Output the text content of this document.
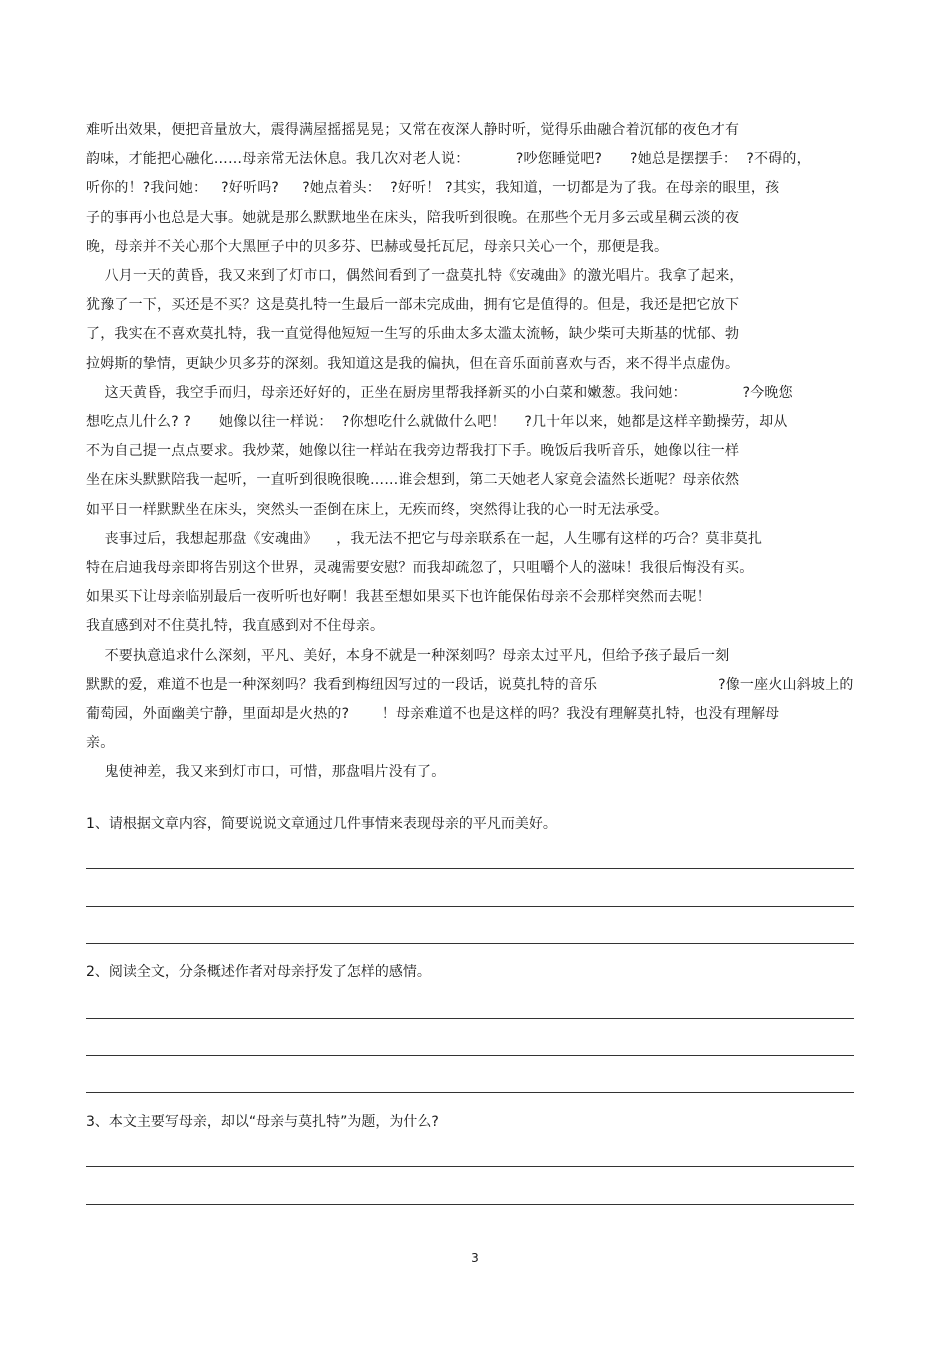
难听出效果，便把音量放大，震得满屋摇摇晃晃；又常在夜深人静时听，觉得乐曲融合着沉郁的夜色才有
韵味，才能把心融化……母亲常无法休息。我几次对老人说：          ?吵您睡觉吧?      ?她总是摆摆手：  ?不碍的，
听你的！?我问她：   ?好听吗?     ?她点着头：  ?好听！ ?其实，我知道，一切都是为了我。在母亲的眼里，孩
子的事再小也总是大事。她就是那么默默地坐在床头，陪我听到很晚。在那些个无月多云或星稠云淡的夜
晚，母亲并不关心那个大黑匣子中的贝多芬、巴赫或曼托瓦尼，母亲只关心一个，那便是我。
八月一天的黄昏，我又来到了灯市口，偶然间看到了一盘莫扎特《安魂曲》的激光唱片。我拿了起来，
犹豫了一下，买还是不买？这是莫扎特一生最后一部未完成曲，拥有它是值得的。但是，我还是把它放下
了，我实在不喜欢莫扎特，我一直觉得他短短一生写的乐曲太多太滥太流畅，缺少柴可夫斯基的忧郁、勃
拉姆斯的挚情，更缺少贝多芬的深刻。我知道这是我的偏执，但在音乐面前喜欢与否，来不得半点虚伪。
这天黄昏，我空手而归，母亲还好好的，正坐在厨房里帮我择新买的小白菜和嫩葱。我问她：            ?今晚您
想吃点儿什么? ?      她像以往一样说：  ?你想吃什么就做什么吧！    ?几十年以来，她都是这样辛勤操劳，却从
不为自己提一点点要求。我炒菜，她像以往一样站在我旁边帮我打下手。晚饭后我听音乐，她像以往一样
坐在床头默默陪我一起听，一直听到很晚很晚……谁会想到，第二天她老人家竟会溘然长逝呢？母亲依然
如平日一样默默坐在床头，突然头一歪倒在床上，无疾而终，突然得让我的心一时无法承受。
丧事过后，我想起那盘《安魂曲》    ，我无法不把它与母亲联系在一起，人生哪有这样的巧合？莫非莫扎
特在启迪我母亲即将告别这个世界，灵魂需要安慰？而我却疏忽了，只咀嚼个人的滋味！我很后悔没有买。
如果买下让母亲临别最后一夜听听也好啊！我甚至想如果买下也许能保佑母亲不会那样突然而去呢！
我直感到对不住莫扎特，我直感到对不住母亲。
不要执意追求什么深刻，平凡、美好，本身不就是一种深刻吗？母亲太过平凡，但给予孩子最后一刻
默默的爱，难道不也是一种深刻吗？我看到梅纽因写过的一段话，说莫扎特的音乐                          ?像一座火山斜坡上的
葡萄园，外面幽美宁静，里面却是火热的?       ！母亲难道不也是这样的吗？我没有理解莫扎特，也没有理解母
亲。
鬼使神差，我又来到灯市口，可惜，那盘唱片没有了。
1、请根据文章内容，简要说说文章通过几件事情来表现母亲的平凡而美好。
2、阅读全文，分条概述作者对母亲抒发了怎样的感情。
3、本文主要写母亲，却以“母亲与莫扎特”为题，为什么?
3
